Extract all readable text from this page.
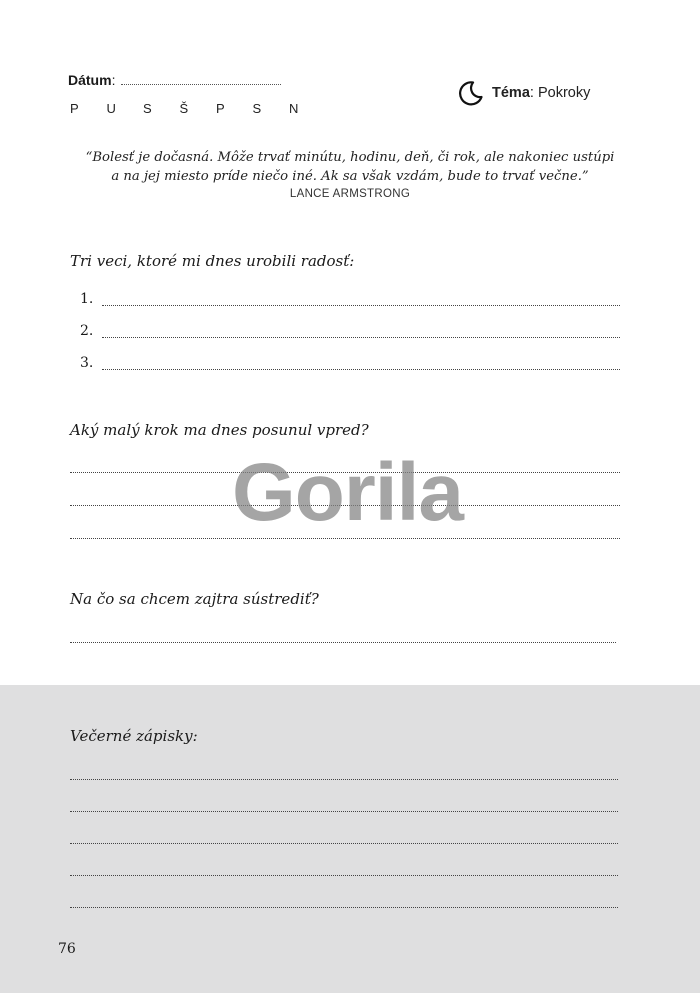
Dátum:
P U S Š P S N
Téma :
Pokroky
“Bolesť je dočasná. Môže trvať minútu, hodinu, deň, či rok, ale nakoniec ustúpi
a na jej miesto príde niečo iné. Ak sa však vzdám, bude to trvať večne.”
LANCE ARMSTRONG
Tri veci, ktoré mi dnes urobili radosť:
1.
2.
3.
Aký malý krok ma dnes posunul vpred?
Na čo sa chcem zajtra sústrediť?
Večerné zápisky:
Gorila
76
